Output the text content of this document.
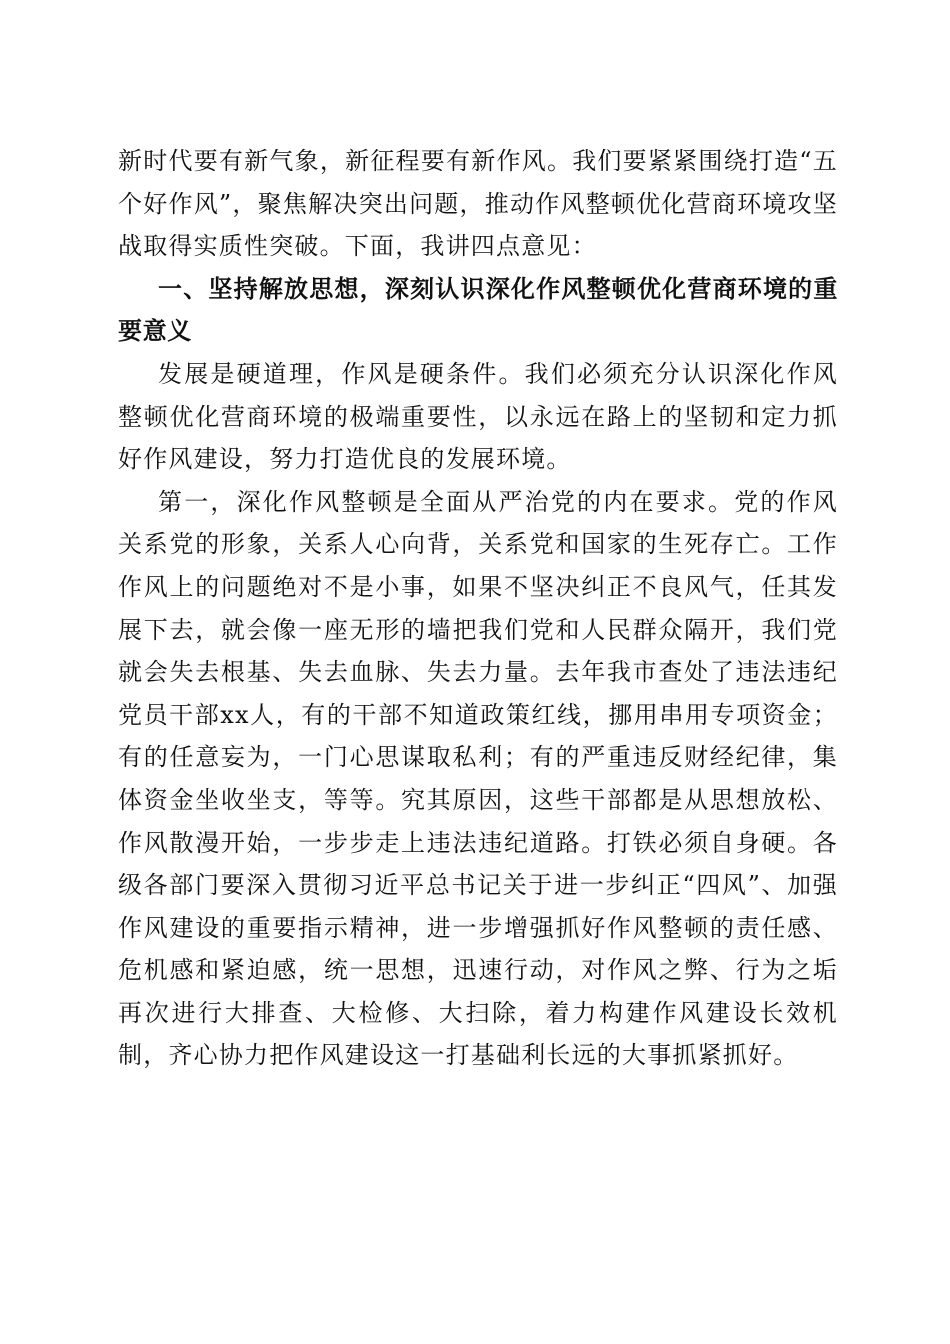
新时代要有新气象，新征程要有新作风。我们要紧紧围绕打造“五个好作风”，聚焦解决突出问题，推动作风整顿优化营商环境攻坚战取得实质性突破。下面，我讲四点意见：

一、坚持解放思想，深刻认识深化作风整顿优化营商环境的重要意义

发展是硬道理，作风是硬条件。我们必须充分认识深化作风整顿优化营商环境的极端重要性，以永远在路上的坚韧和定力抓好作风建设，努力打造优良的发展环境。

第一，深化作风整顿是全面从严治党的内在要求。党的作风关系党的形象，关系人心向背，关系党和国家的生死存亡。工作作风上的问题绝对不是小事，如果不坚决纠正不良风气，任其发展下去，就会像一座无形的墙把我们党和人民群众隔开，我们党就会失去根基、失去血脉、失去力量。去年我市查处了违法违纪党员干部xx人，有的干部不知道政策红线，挪用串用专项资金；有的任意妄为，一门心思谋取私利；有的严重违反财经纪律，集体资金坐收坐支，等等。究其原因，这些干部都是从思想放松、作风散漫开始，一步步走上违法违纪道路。打铁必须自身硬。各级各部门要深入贯彻习近平总书记关于进一步纠正“四风”、加强作风建设的重要指示精神，进一步增强抓好作风整顿的责任感、危机感和紧迫感，统一思想，迅速行动，对作风之弊、行为之垢再次进行大排查、大检修、大扫除，着力构建作风建设长效机制，齐心协力把作风建设这一打基础利长远的大事抓紧抓好。
